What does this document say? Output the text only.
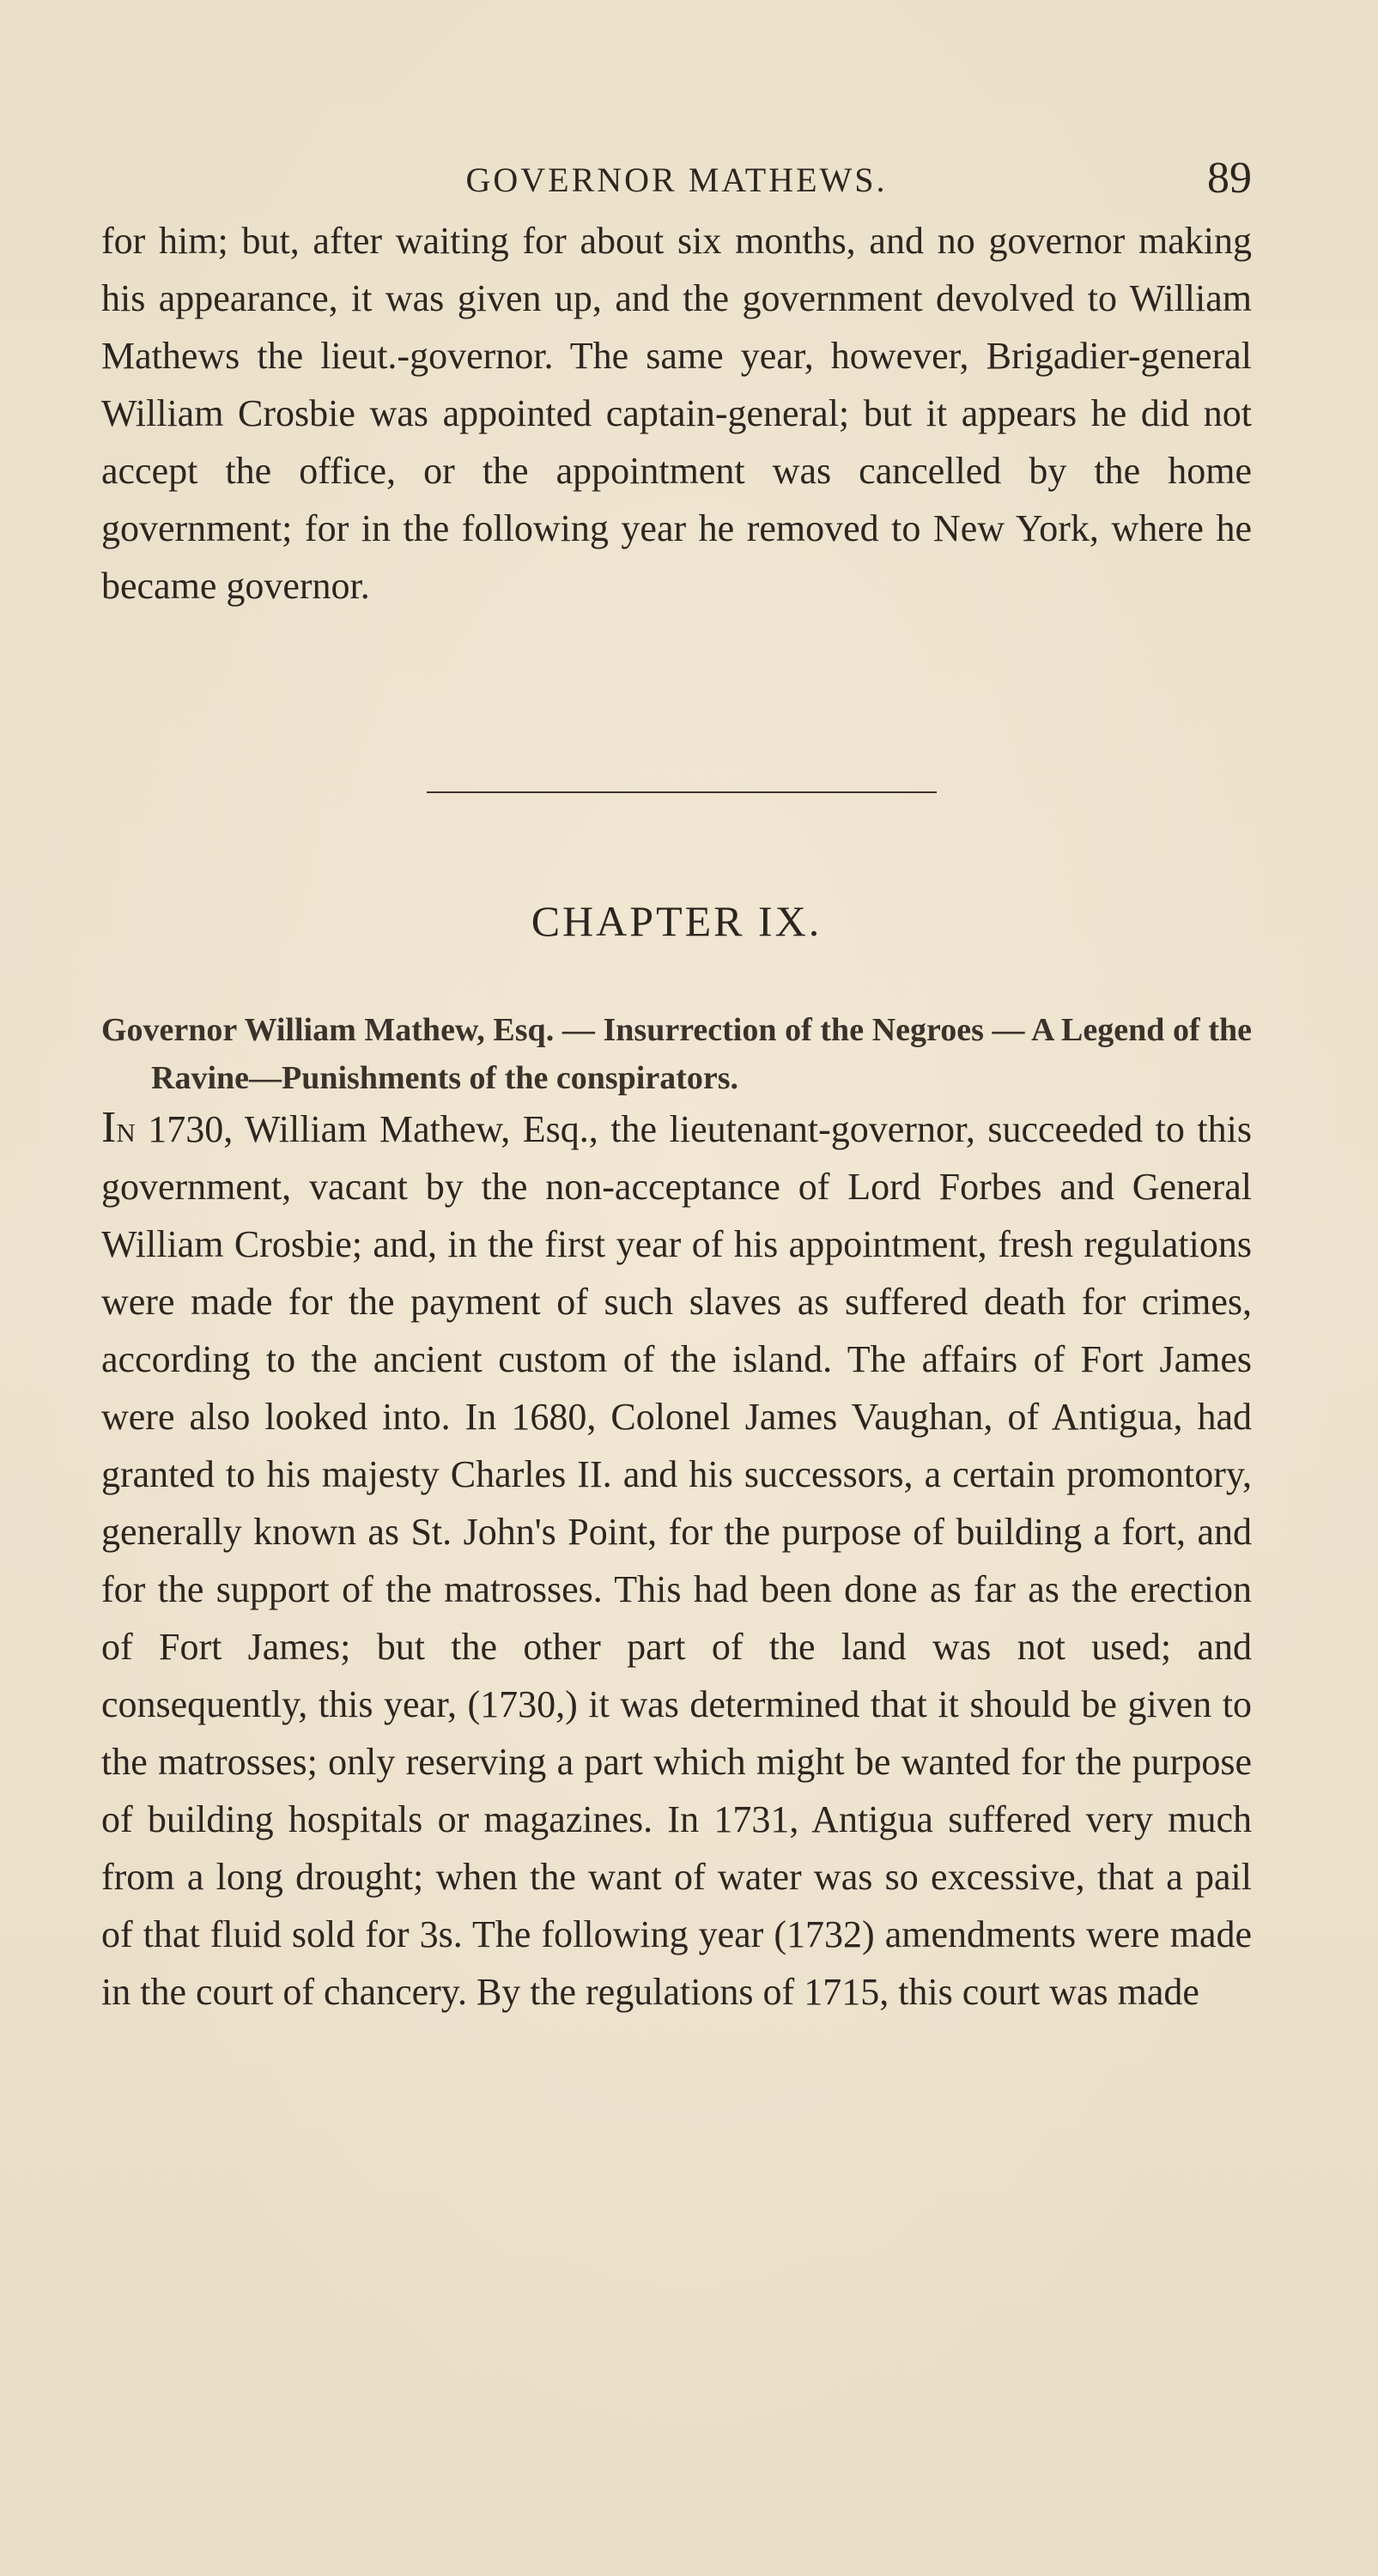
GOVERNOR MATHEWS.	89

for him; but, after waiting for about six months, and no governor making his appearance, it was given up, and the government devolved to William Mathews the lieut.-governor. The same year, however, Brigadier-general William Crosbie was appointed captain-general; but it appears he did not accept the office, or the appointment was cancelled by the home government; for in the following year he removed to New York, where he became governor.

CHAPTER IX.

Governor William Mathew, Esq. — Insurrection of the Negroes — A Legend of the Ravine—Punishments of the conspirators.

In 1730, William Mathew, Esq., the lieutenant-governor, succeeded to this government, vacant by the non-acceptance of Lord Forbes and General William Crosbie; and, in the first year of his appointment, fresh regulations were made for the payment of such slaves as suffered death for crimes, according to the ancient custom of the island. The affairs of Fort James were also looked into. In 1680, Colonel James Vaughan, of Antigua, had granted to his majesty Charles II. and his successors, a certain promontory, generally known as St. John's Point, for the purpose of building a fort, and for the support of the matrosses. This had been done as far as the erection of Fort James; but the other part of the land was not used; and consequently, this year, (1730,) it was determined that it should be given to the matrosses; only reserving a part which might be wanted for the purpose of building hospitals or magazines. In 1731, Antigua suffered very much from a long drought; when the want of water was so excessive, that a pail of that fluid sold for 3s. The following year (1732) amendments were made in the court of chancery. By the regulations of 1715, this court was made
